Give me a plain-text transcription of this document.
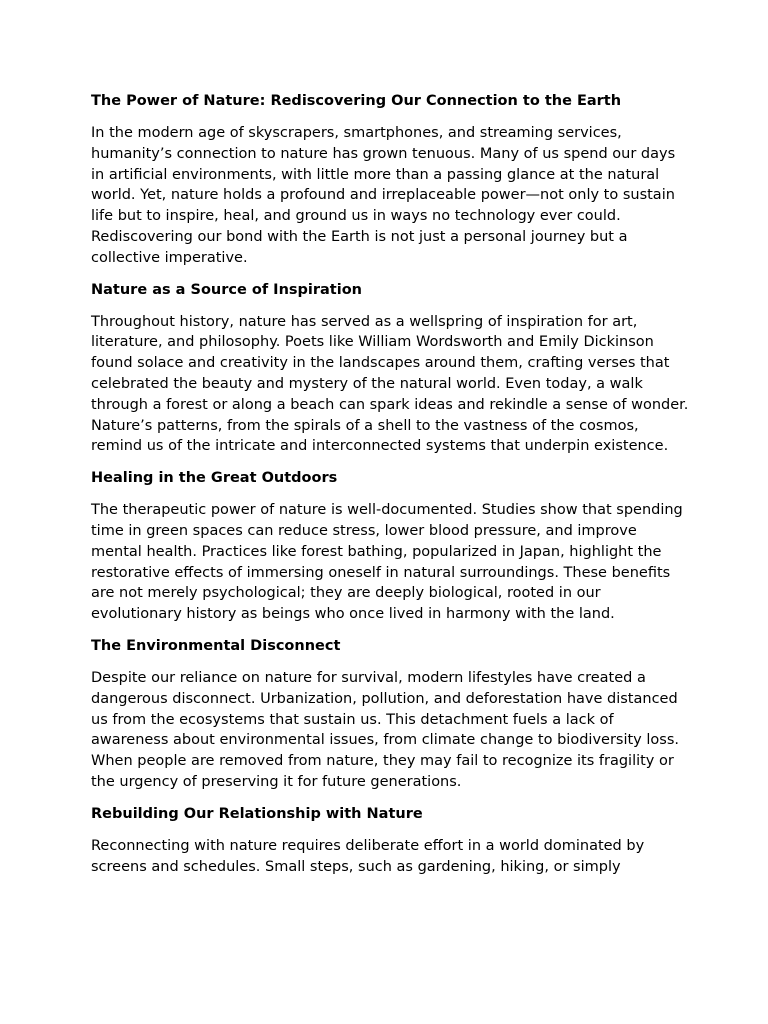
The Power of Nature: Rediscovering Our Connection to the Earth

In the modern age of skyscrapers, smartphones, and streaming services, humanity’s connection to nature has grown tenuous. Many of us spend our days in artificial environments, with little more than a passing glance at the natural world. Yet, nature holds a profound and irreplaceable power—not only to sustain life but to inspire, heal, and ground us in ways no technology ever could. Rediscovering our bond with the Earth is not just a personal journey but a collective imperative.

Nature as a Source of Inspiration

Throughout history, nature has served as a wellspring of inspiration for art, literature, and philosophy. Poets like William Wordsworth and Emily Dickinson found solace and creativity in the landscapes around them, crafting verses that celebrated the beauty and mystery of the natural world. Even today, a walk through a forest or along a beach can spark ideas and rekindle a sense of wonder. Nature’s patterns, from the spirals of a shell to the vastness of the cosmos, remind us of the intricate and interconnected systems that underpin existence.

Healing in the Great Outdoors

The therapeutic power of nature is well-documented. Studies show that spending time in green spaces can reduce stress, lower blood pressure, and improve mental health. Practices like forest bathing, popularized in Japan, highlight the restorative effects of immersing oneself in natural surroundings. These benefits are not merely psychological; they are deeply biological, rooted in our evolutionary history as beings who once lived in harmony with the land.

The Environmental Disconnect

Despite our reliance on nature for survival, modern lifestyles have created a dangerous disconnect. Urbanization, pollution, and deforestation have distanced us from the ecosystems that sustain us. This detachment fuels a lack of awareness about environmental issues, from climate change to biodiversity loss. When people are removed from nature, they may fail to recognize its fragility or the urgency of preserving it for future generations.

Rebuilding Our Relationship with Nature

Reconnecting with nature requires deliberate effort in a world dominated by screens and schedules. Small steps, such as gardening, hiking, or simply
